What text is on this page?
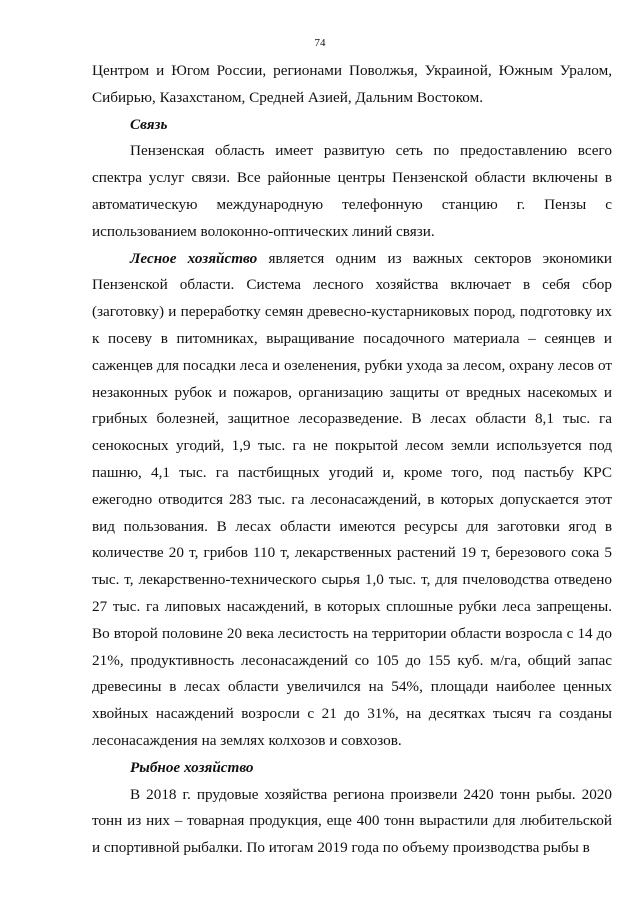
74

Центром и Югом России, регионами Поволжья, Украиной, Южным Уралом, Сибирью, Казахстаном, Средней Азией, Дальним Востоком.

Связь

Пензенская область имеет развитую сеть по предоставлению всего спектра услуг связи. Все районные центры Пензенской области включены в автоматическую международную телефонную станцию г. Пензы с использованием волоконно-оптических линий связи.

Лесное хозяйство является одним из важных секторов экономики Пензенской области. Система лесного хозяйства включает в себя сбор (заготовку) и переработку семян древесно-кустарниковых пород, подготовку их к посеву в питомниках, выращивание посадочного материала – сеянцев и саженцев для посадки леса и озеленения, рубки ухода за лесом, охрану лесов от незаконных рубок и пожаров, организацию защиты от вредных насекомых и грибных болезней, защитное лесоразведение. В лесах области 8,1 тыс. га сенокосных угодий, 1,9 тыс. га не покрытой лесом земли используется под пашню, 4,1 тыс. га пастбищных угодий и, кроме того, под пастьбу КРС ежегодно отводится 283 тыс. га лесонасаждений, в которых допускается этот вид пользования. В лесах области имеются ресурсы для заготовки ягод в количестве 20 т, грибов 110 т, лекарственных растений 19 т, березового сока 5 тыс. т, лекарственно-технического сырья 1,0 тыс. т, для пчеловодства отведено 27 тыс. га липовых насаждений, в которых сплошные рубки леса запрещены. Во второй половине 20 века лесистость на территории области возросла с 14 до 21%, продуктивность лесонасаждений со 105 до 155 куб. м/га, общий запас древесины в лесах области увеличился на 54%, площади наиболее ценных хвойных насаждений возросли с 21 до 31%, на десятках тысяч га созданы лесонасаждения на землях колхозов и совхозов.

Рыбное хозяйство

В 2018 г. прудовые хозяйства региона произвели 2420 тонн рыбы. 2020 тонн из них – товарная продукция, еще 400 тонн вырастили для любительской и спортивной рыбалки. По итогам 2019 года по объему производства рыбы в
